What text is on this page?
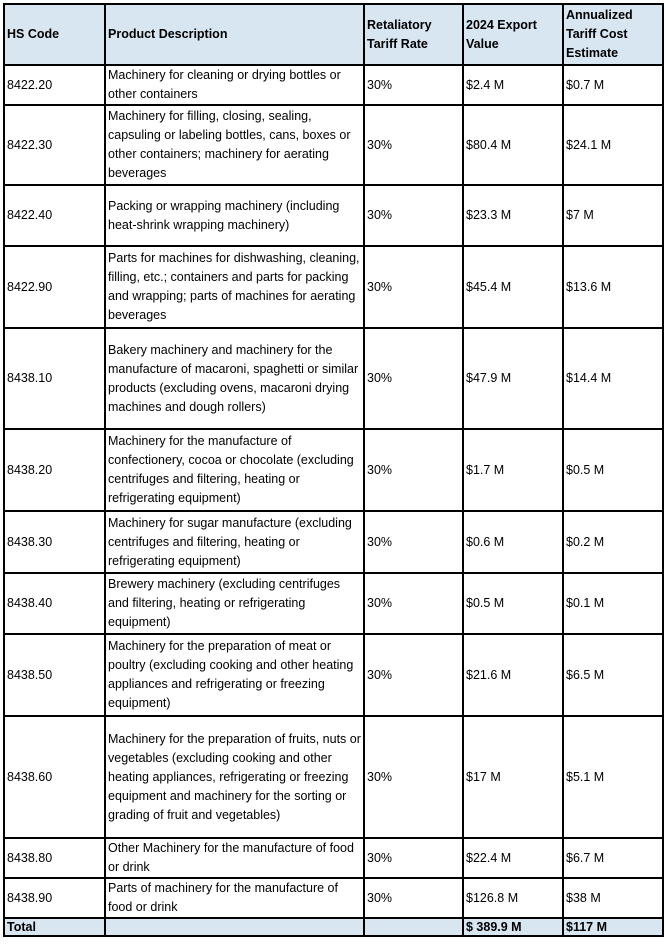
HS Code	Product Description	Retaliatory Tariff Rate	2024 Export Value	Annualized Tariff Cost Estimate
8422.20	Machinery for cleaning or drying bottles or other containers	30%	$2.4 M	$0.7 M
8422.30	Machinery for filling, closing, sealing, capsuling or labeling bottles, cans, boxes or other containers; machinery for aerating beverages	30%	$80.4 M	$24.1 M
8422.40	Packing or wrapping machinery (including heat-shrink wrapping machinery)	30%	$23.3 M	$7 M
8422.90	Parts for machines for dishwashing, cleaning, filling, etc.; containers and parts for packing and wrapping; parts of machines for aerating beverages	30%	$45.4 M	$13.6 M
8438.10	Bakery machinery and machinery for the manufacture of macaroni, spaghetti or similar products (excluding ovens, macaroni drying machines and dough rollers)	30%	$47.9 M	$14.4 M
8438.20	Machinery for the manufacture of confectionery, cocoa or chocolate (excluding centrifuges and filtering, heating or refrigerating equipment)	30%	$1.7 M	$0.5 M
8438.30	Machinery for sugar manufacture (excluding centrifuges and filtering, heating or refrigerating equipment)	30%	$0.6 M	$0.2 M
8438.40	Brewery machinery (excluding centrifuges and filtering, heating or refrigerating equipment)	30%	$0.5 M	$0.1 M
8438.50	Machinery for the preparation of meat or poultry (excluding cooking and other heating appliances and refrigerating or freezing equipment)	30%	$21.6 M	$6.5 M
8438.60	Machinery for the preparation of fruits, nuts or vegetables (excluding cooking and other heating appliances, refrigerating or freezing equipment and machinery for the sorting or grading of fruit and vegetables)	30%	$17 M	$5.1 M
8438.80	Other Machinery for the manufacture of food or drink	30%	$22.4 M	$6.7 M
8438.90	Parts of machinery for the manufacture of food or drink	30%	$126.8 M	$38 M
Total			$ 389.9 M	$117 M
